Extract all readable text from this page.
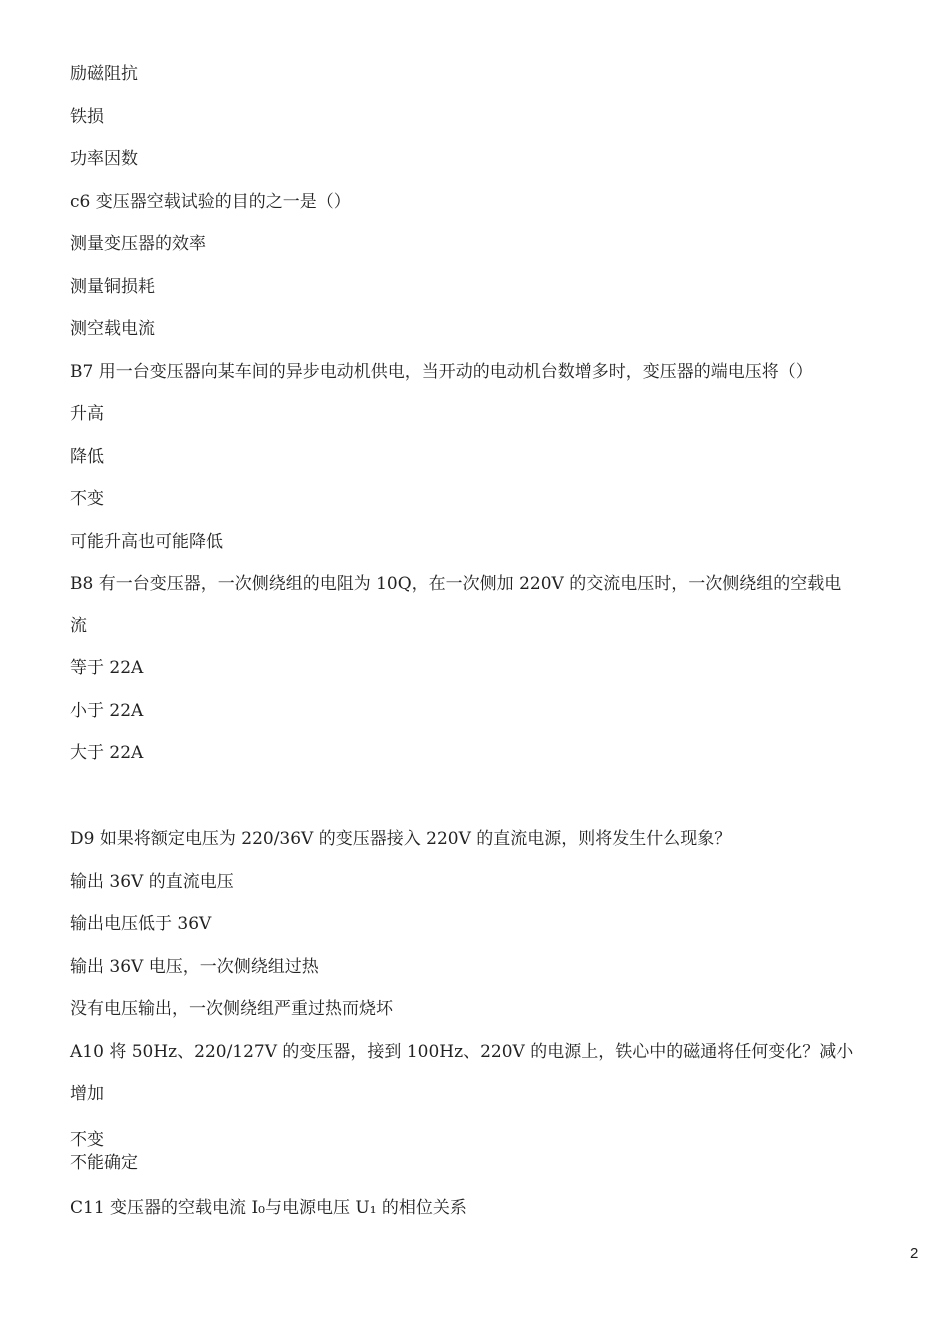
励磁阻抗
铁损
功率因数
c6 变压器空载试验的目的之一是（）
测量变压器的效率
测量铜损耗
测空载电流
B7 用一台变压器向某车间的异步电动机供电，当开动的电动机台数增多时，变压器的端电压将（）
升高
降低
不变
可能升高也可能降低
B8 有一台变压器，一次侧绕组的电阻为 10Q，在一次侧加 220V 的交流电压时，一次侧绕组的空载电
流
等于 22A
小于 22A
大于 22A
D9 如果将额定电压为 220/36V 的变压器接入 220V 的直流电源，则将发生什么现象？
输出 36V 的直流电压
输出电压低于 36V
输出 36V 电压，一次侧绕组过热
没有电压输出，一次侧绕组严重过热而烧坏
A10 将 50Hz、220/127V 的变压器，接到 100Hz、220V 的电源上，铁心中的磁通将任何变化？减小
增加
不变
不能确定
C11 变压器的空载电流 I₀与电源电压 U₁ 的相位关系
2
